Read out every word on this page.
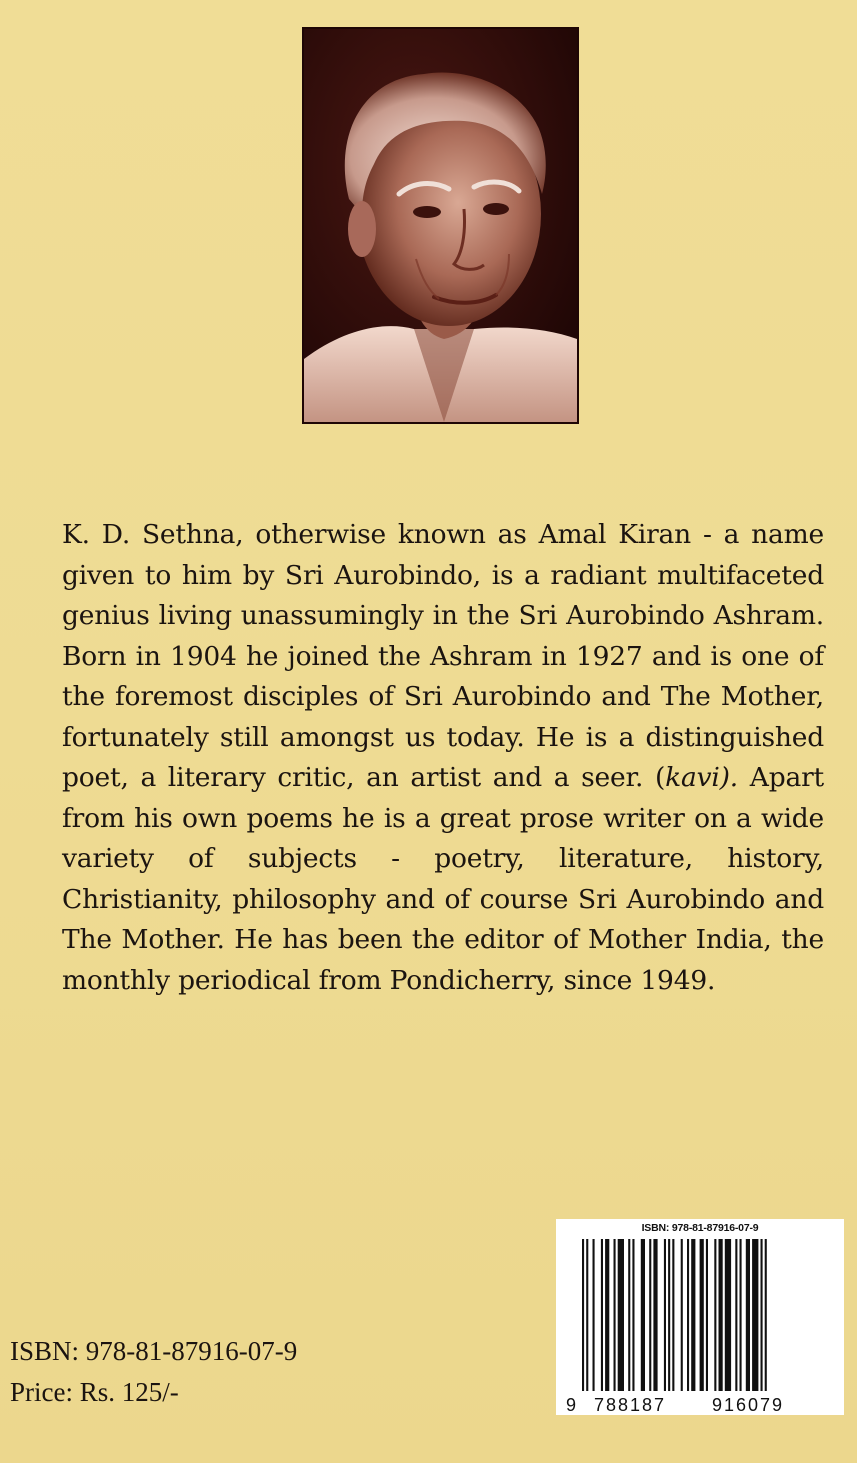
K. D. Sethna, otherwise known as Amal Kiran - a name given to him by Sri Aurobindo, is a radiant multifaceted genius living unassumingly in the Sri Aurobindo Ashram. Born in 1904 he joined the Ashram in 1927 and is one of the foremost disciples of Sri Aurobindo and The Mother, fortunately still amongst us today. He is a distinguished poet, a literary critic, an artist and a seer. (kavi). Apart from his own poems he is a great prose writer on a wide variety of subjects - poetry, literature, history, Christianity, philosophy and of course Sri Aurobindo and The Mother. He has been the editor of Mother India, the monthly periodical from Pondicherry, since 1949.

ISBN: 978-81-87916-07-9
9 788187	916079
ISBN: 978-81-87916-07-9
Price: Rs. 125/-
